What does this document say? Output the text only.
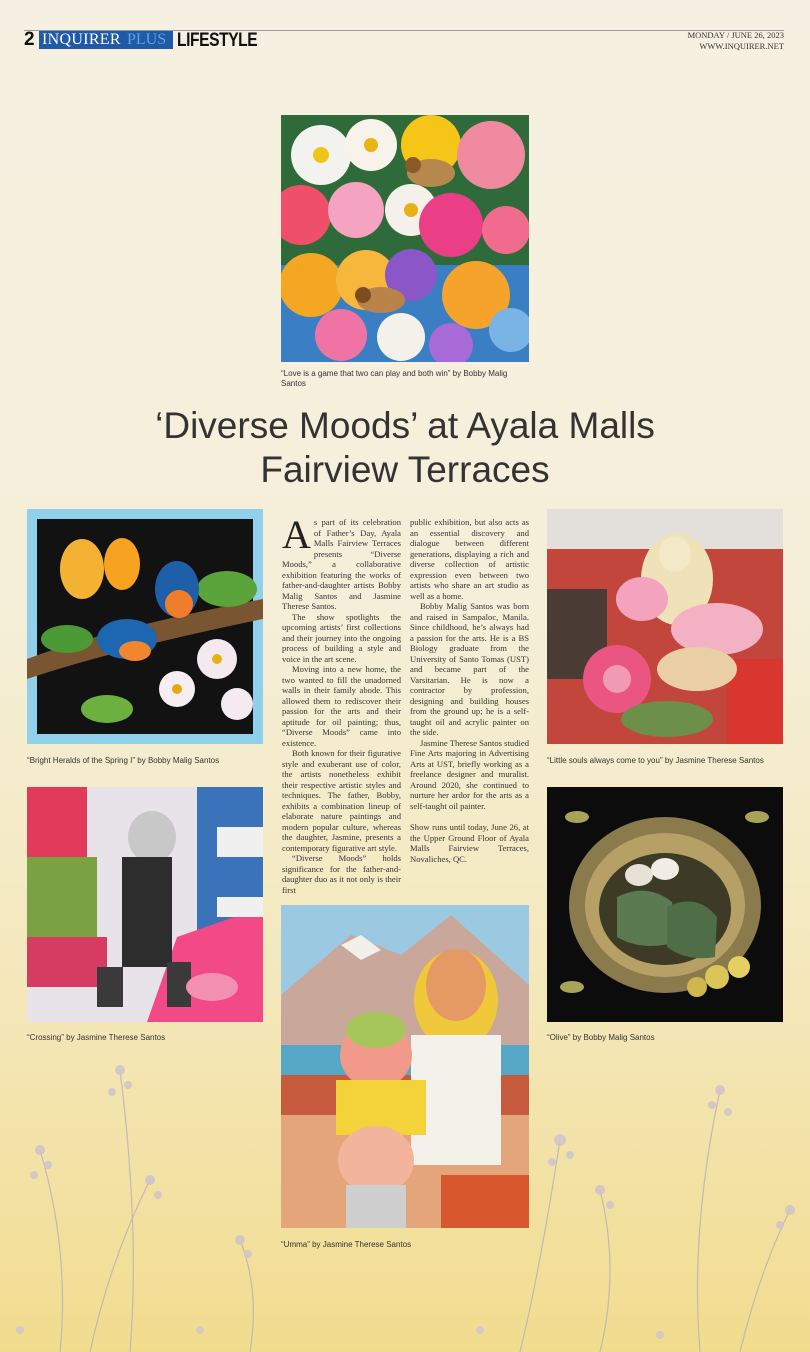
2 INQUIRER PLUS LIFESTYLE	MONDAY / JUNE 26, 2023
WWW.INQUIRER.NET
“Love is a game that two can play and both win” by Bobby Malig Santos
‘Diverse Moods’ at Ayala Malls Fairview Terraces
“Bright Heralds of the Spring I” by Bobby Malig Santos
“Crossing” by Jasmine Therese Santos
A s part of its celebration of Father’s Day, Ayala Malls Fairview Terraces presents “Diverse Moods,” a collaborative exhibition featuring the works of father-and-daughter artists Bobby Malig Santos and Jasmine Therese Santos.

The show spotlights the upcoming artists’ first collections and their journey into the ongoing process of building a style and voice in the art scene.

Moving into a new home, the two wanted to fill the unadorned walls in their family abode. This allowed them to rediscover their passion for the arts and their aptitude for oil painting; thus, “Diverse Moods” came into existence.

Both known for their figurative style and exuberant use of color, the artists nonetheless exhibit their respective artistic styles and techniques. The father, Bobby, exhibits a combination lineup of elaborate nature paintings and modern popular culture, whereas the daughter, Jasmine, presents a contemporary figurative art style.

“Diverse Moods” holds significance for the father-and-daughter duo as it not only is their first

public exhibition, but also acts as an essential discovery and dialogue between different generations, displaying a rich and diverse collection of artistic expression even between two artists who share an art studio as well as a home.

Bobby Malig Santos was born and raised in Sampaloc, Manila. Since childhood, he’s always had a passion for the arts. He is a BS Biology graduate from the University of Santo Tomas (UST) and became part of the Varsitarian. He is now a contractor by profession, designing and building houses from the ground up; he is a self-taught oil and acrylic painter on the side.

Jasmine Therese Santos studied Fine Arts majoring in Advertising Arts at UST, briefly working as a freelance designer and muralist. Around 2020, she continued to nurture her ardor for the arts as a self-taught oil painter.

Show runs until today, June 26, at the Upper Ground Floor of Ayala Malls Fairview Terraces, Novaliches, QC.

“Umma” by Jasmine Therese Santos
“Little souls always come to you” by Jasmine Therese Santos
“Olive” by Bobby Malig Santos
